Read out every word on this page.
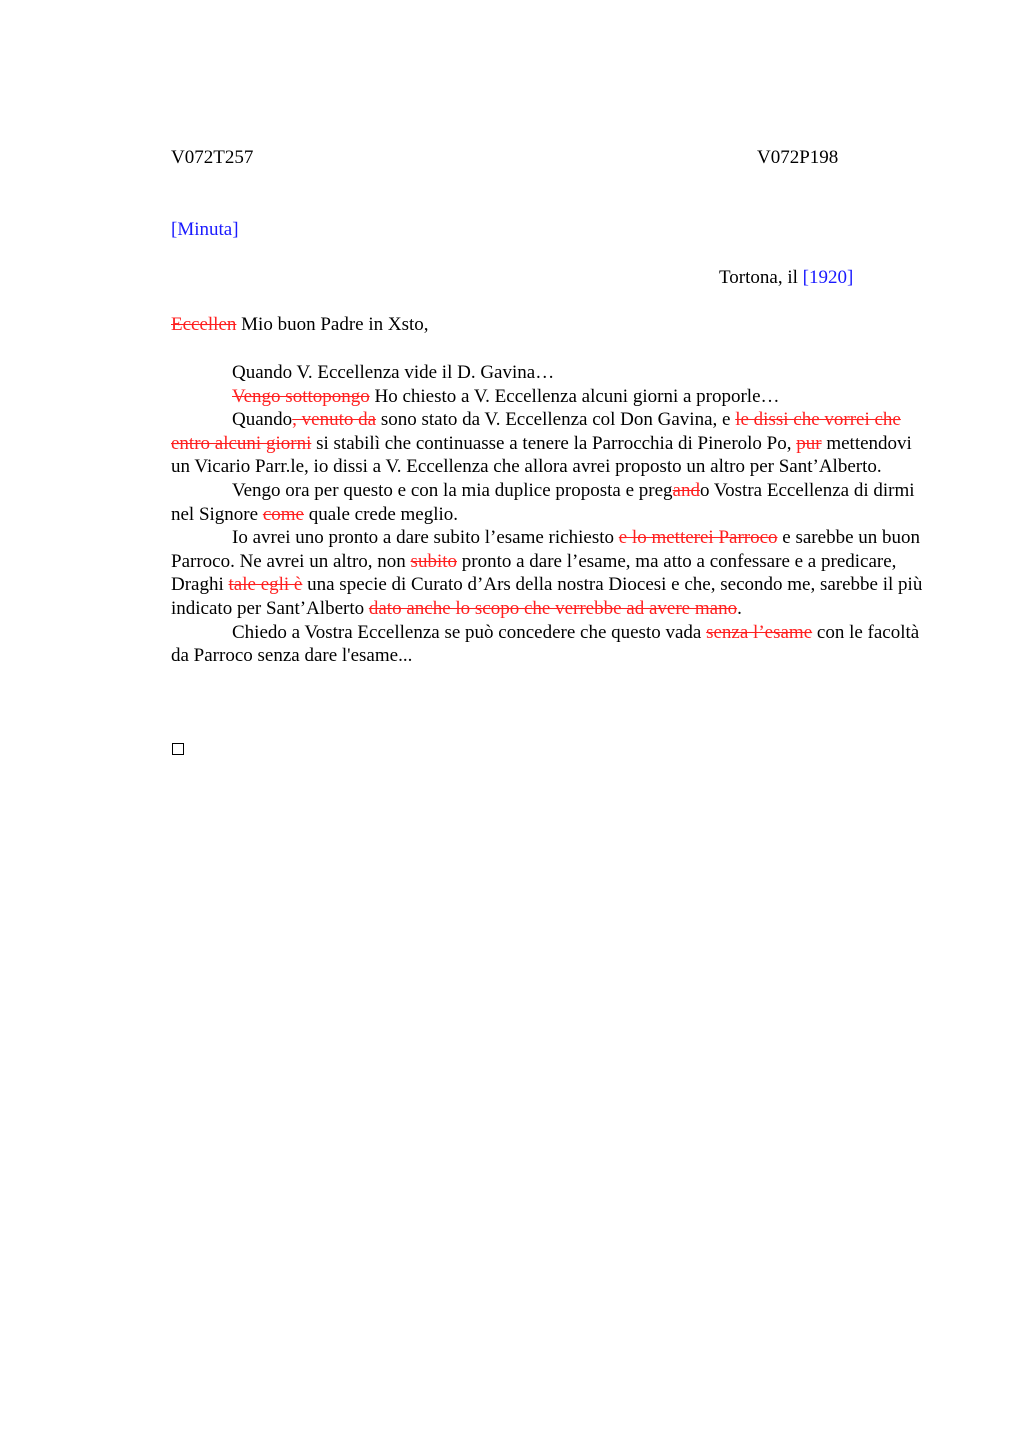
V072T257	V072P198
[Minuta]
Tortona, il [1920]
Eccellen Mio buon Padre in Xsto,

Quando V. Eccellenza vide il D. Gavina…

Vengo sottopongo Ho chiesto a V. Eccellenza alcuni giorni a proporle…

Quando, venuto da sono stato da V. Eccellenza col Don Gavina, e le dissi che vorrei che entro alcuni giorni si stabilì che continuasse a tenere la Parrocchia di Pinerolo Po, pur mettendovi un Vicario Parr.le, io dissi a V. Eccellenza che allora avrei proposto un altro per Sant’Alberto.

Vengo ora per questo e con la mia duplice proposta e pregando Vostra Eccellenza di dirmi nel Signore come quale crede meglio.

Io avrei uno pronto a dare subito l’esame richiesto e lo metterei Parroco e sarebbe un buon Parroco. Ne avrei un altro, non subito pronto a dare l’esame, ma atto a confessare e a predicare, Draghi tale egli è una specie di Curato d’Ars della nostra Diocesi e che, secondo me, sarebbe il più indicato per Sant’Alberto dato anche lo scopo che verrebbe ad avere mano.

Chiedo a Vostra Eccellenza se può concedere che questo vada senza l’esame con le facoltà da Parroco senza dare l'esame...
